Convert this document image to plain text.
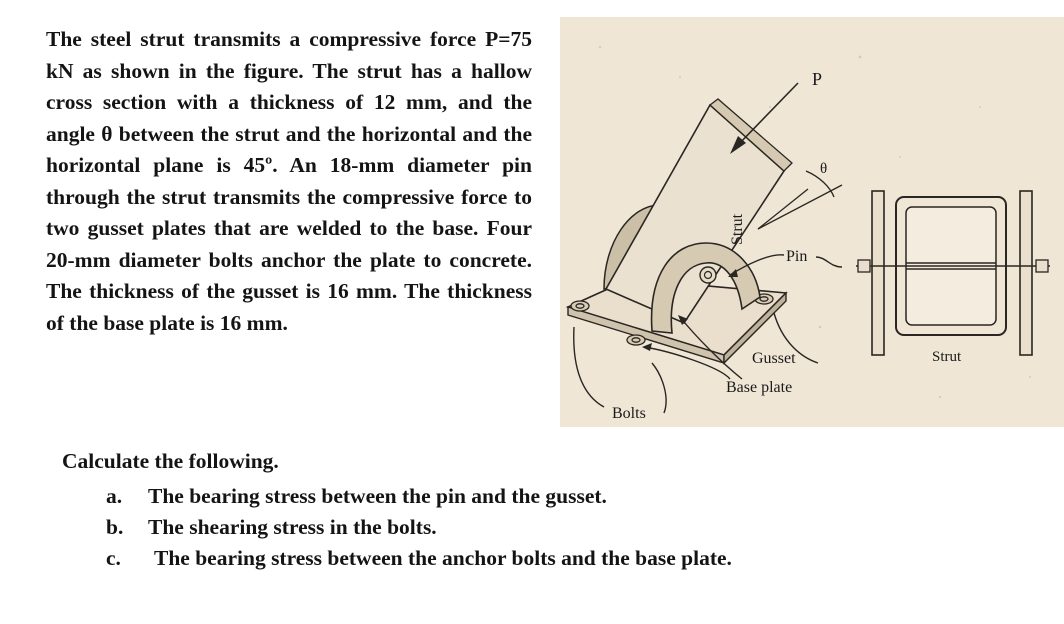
The steel strut transmits a compressive force P=75 kN as shown in the figure. The strut has a hallow cross section with a thickness of 12 mm, and the angle θ between the strut and the horizontal and the horizontal plane is 45º. An 18-mm diameter pin through the strut transmits the compressive force to two gusset plates that are welded to the base. Four 20-mm diameter bolts anchor the plate to concrete. The thickness of the gusset is 16 mm. The thickness of the base plate is 16 mm.

P
θ
Strut
Pin
Gusset
Base plate
Bolts
Strut

Calculate the following.

a. The bearing stress between the pin and the gusset.
b. The shearing stress in the bolts.
c. The bearing stress between the anchor bolts and the base plate.
